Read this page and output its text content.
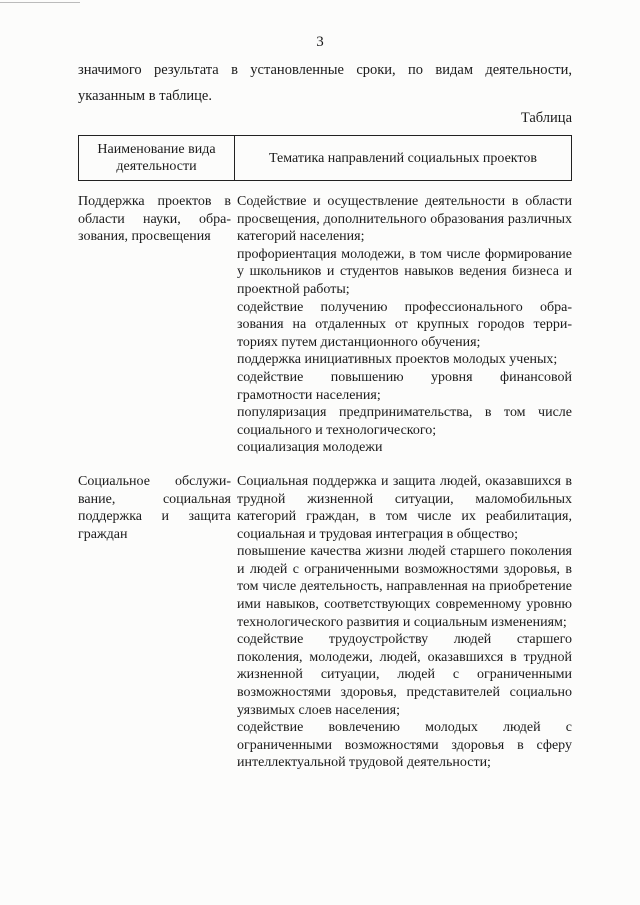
3
значимого результата в установленные сроки, по видам деятельности,
указанным в таблице.
Таблица
Наименование вида деятельности
Тематика направлений социальных проектов
Поддержка проектов в области науки, образования, просвещения

Содействие и осуществление деятельности в области просвещения, дополнительного образования различных категорий населения;

профориентация молодежи, в том числе формирование у школьников и студентов навыков ведения бизнеса и проектной работы;

содействие получению профессионального образования на отдаленных от крупных городов территориях путем дистанционного обучения;

поддержка инициативных проектов молодых ученых;

содействие повышению уровня финансовой грамотности населения;

популяризация предпринимательства, в том числе социального и технологического;

социализация молодежи

Социальное обслуживание, социальная поддержка и защита граждан

Социальная поддержка и защита людей, оказавшихся в трудной жизненной ситуации, маломобильных категорий граждан, в том числе их реабилитация, социальная и трудовая интеграция в общество;

повышение качества жизни людей старшего поколения и людей с ограниченными возможностями здоровья, в том числе деятельность, направленная на приобретение ими навыков, соответствующих современному уровню технологического развития и социальным изменениям;

содействие трудоустройству людей старшего поколения, молодежи, людей, оказавшихся в трудной жизненной ситуации, людей с ограниченными возможностями здоровья, представителей социально уязвимых слоев населения;

содействие вовлечению молодых людей с ограниченными возможностями здоровья в сферу интеллектуальной трудовой деятельности;
